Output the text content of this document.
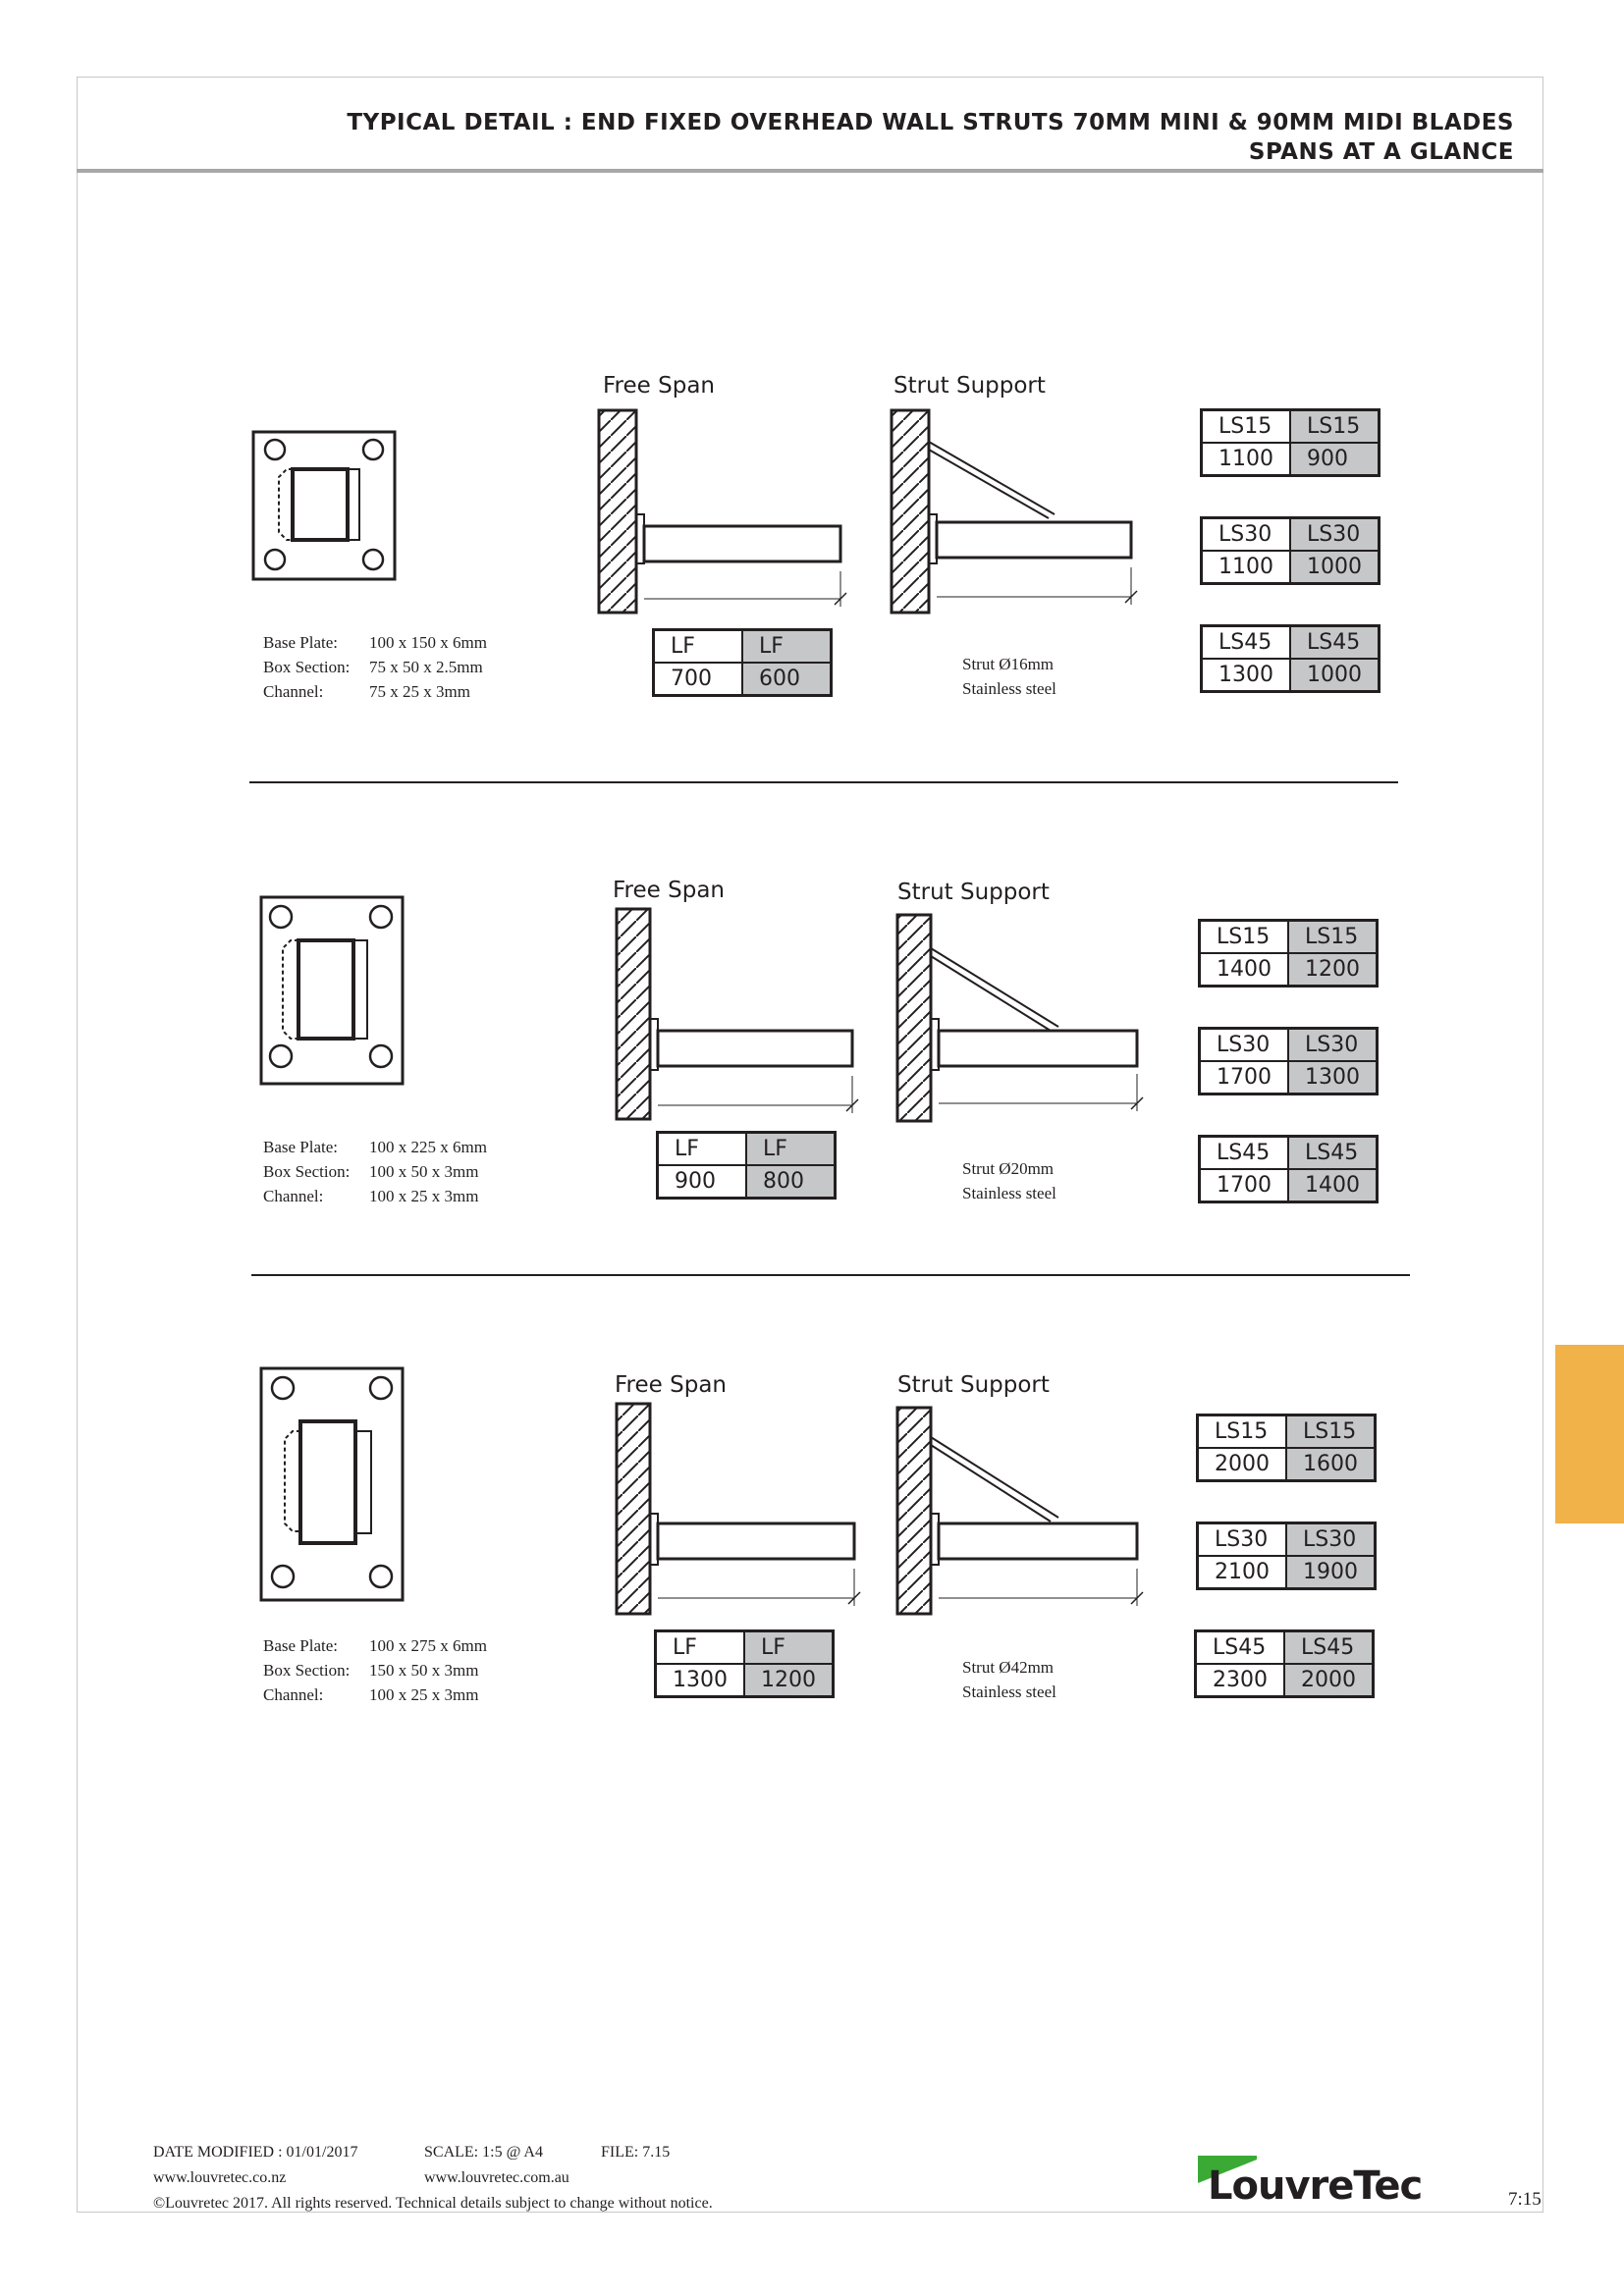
TYPICAL DETAIL : END FIXED OVERHEAD WALL STRUTS 70MM MINI & 90MM MIDI BLADES
SPANS AT A GLANCE
Base Plate:	100 x 150 x 6mm
Box Section:	75 x 50 x 2.5mm
Channel:	75 x 25 x 3mm
Free Span
LF	LF
700	600
Strut Support
Strut Ø16mm
Stainless steel
LS15	LS15
1100	900
LS30	LS30
1100	1000
LS45	LS45
1300	1000
Base Plate:	100 x 225 x 6mm
Box Section:	100 x 50 x 3mm
Channel:	100 x 25 x 3mm
Free Span
LF	LF
900	800
Strut Support
Strut Ø20mm
Stainless steel
LS15	LS15
1400	1200
LS30	LS30
1700	1300
LS45	LS45
1700	1400
Base Plate:	100 x 275 x 6mm
Box Section:	150 x 50 x 3mm
Channel:	100 x 25 x 3mm
Free Span
LF	LF
1300	1200
Strut Support
Strut Ø42mm
Stainless steel
LS15	LS15
2000	1600
LS30	LS30
2100	1900
LS45	LS45
2300	2000
DATE MODIFIED : 01/01/2017	SCALE: 1:5 @ A4	FILE: 7.15
www.louvretec.co.nz	www.louvretec.com.au
©Louvretec 2017. All rights reserved. Technical details subject to change without notice.	LouvreTec	7:15
